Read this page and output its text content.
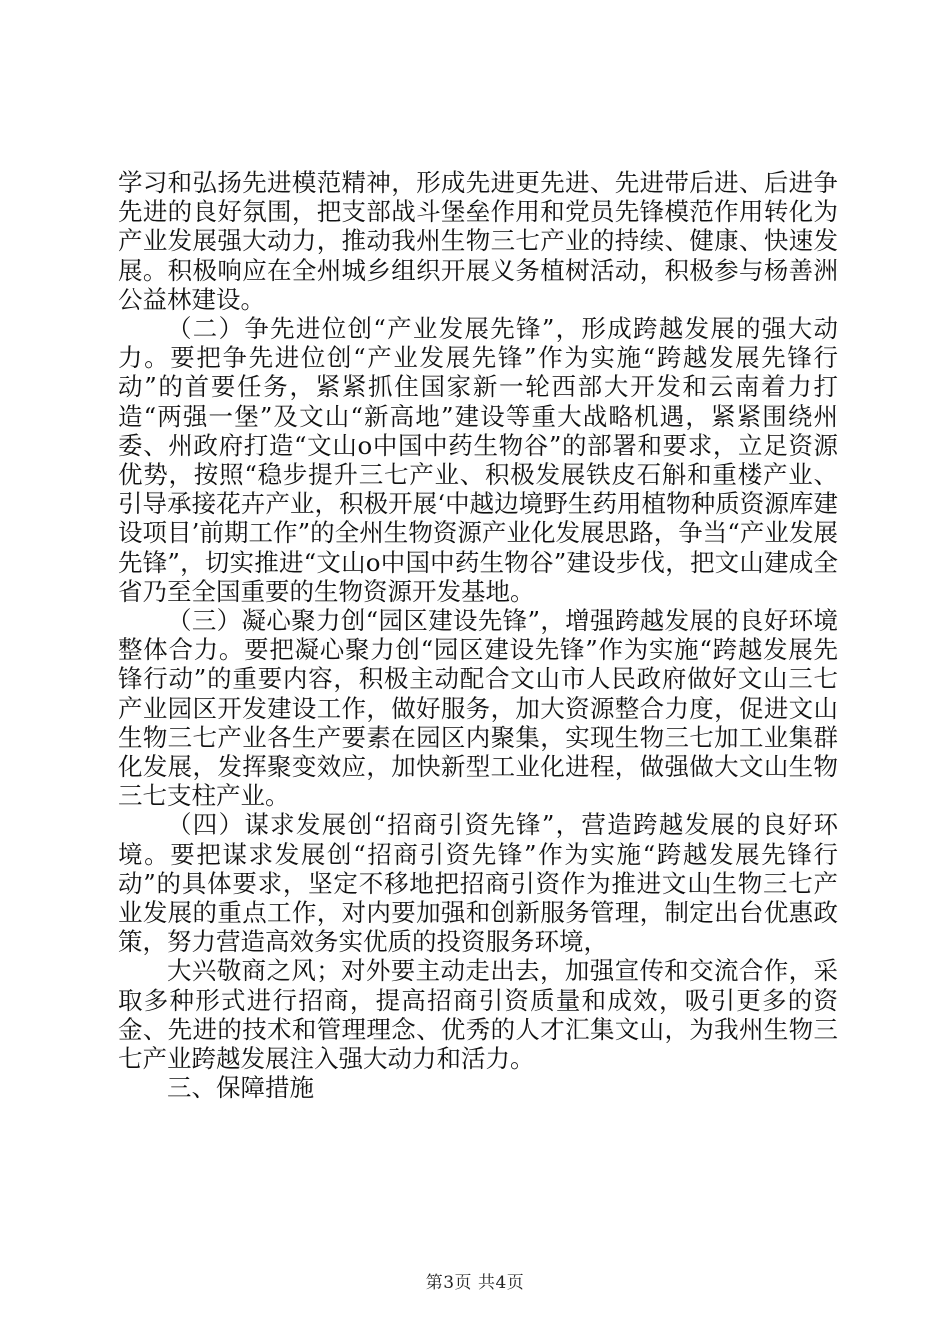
学习和弘扬先进模范精神，形成先进更先进、先进带后进、后进争先进的良好氛围，把支部战斗堡垒作用和党员先锋模范作用转化为产业发展强大动力，推动我州生物三七产业的持续、健康、快速发展。积极响应在全州城乡组织开展义务植树活动，积极参与杨善洲公益林建设。

（二）争先进位创“产业发展先锋”，形成跨越发展的强大动力。要把争先进位创“产业发展先锋”作为实施“跨越发展先锋行动”的首要任务，紧紧抓住国家新一轮西部大开发和云南着力打造“两强一堡”及文山“新高地”建设等重大战略机遇，紧紧围绕州委、州政府打造“文山ο中国中药生物谷”的部署和要求，立足资源优势，按照“稳步提升三七产业、积极发展铁皮石斛和重楼产业、引导承接花卉产业，积极开展‘中越边境野生药用植物种质资源库建设项目’前期工作”的全州生物资源产业化发展思路，争当“产业发展先锋”，切实推进“文山ο中国中药生物谷”建设步伐，把文山建成全省乃至全国重要的生物资源开发基地。

（三）凝心聚力创“园区建设先锋”，增强跨越发展的良好环境整体合力。要把凝心聚力创“园区建设先锋”作为实施“跨越发展先锋行动”的重要内容，积极主动配合文山市人民政府做好文山三七产业园区开发建设工作，做好服务，加大资源整合力度，促进文山生物三七产业各生产要素在园区内聚集，实现生物三七加工业集群化发展，发挥聚变效应，加快新型工业化进程，做强做大文山生物三七支柱产业。

（四）谋求发展创“招商引资先锋”，营造跨越发展的良好环境。要把谋求发展创“招商引资先锋”作为实施“跨越发展先锋行动”的具体要求，坚定不移地把招商引资作为推进文山生物三七产业发展的重点工作，对内要加强和创新服务管理，制定出台优惠政策，努力营造高效务实优质的投资服务环境，

大兴敬商之风；对外要主动走出去，加强宣传和交流合作，采取多种形式进行招商，提高招商引资质量和成效，吸引更多的资金、先进的技术和管理理念、优秀的人才汇集文山，为我州生物三七产业跨越发展注入强大动力和活力。

三、保障措施

第3页 共4页
